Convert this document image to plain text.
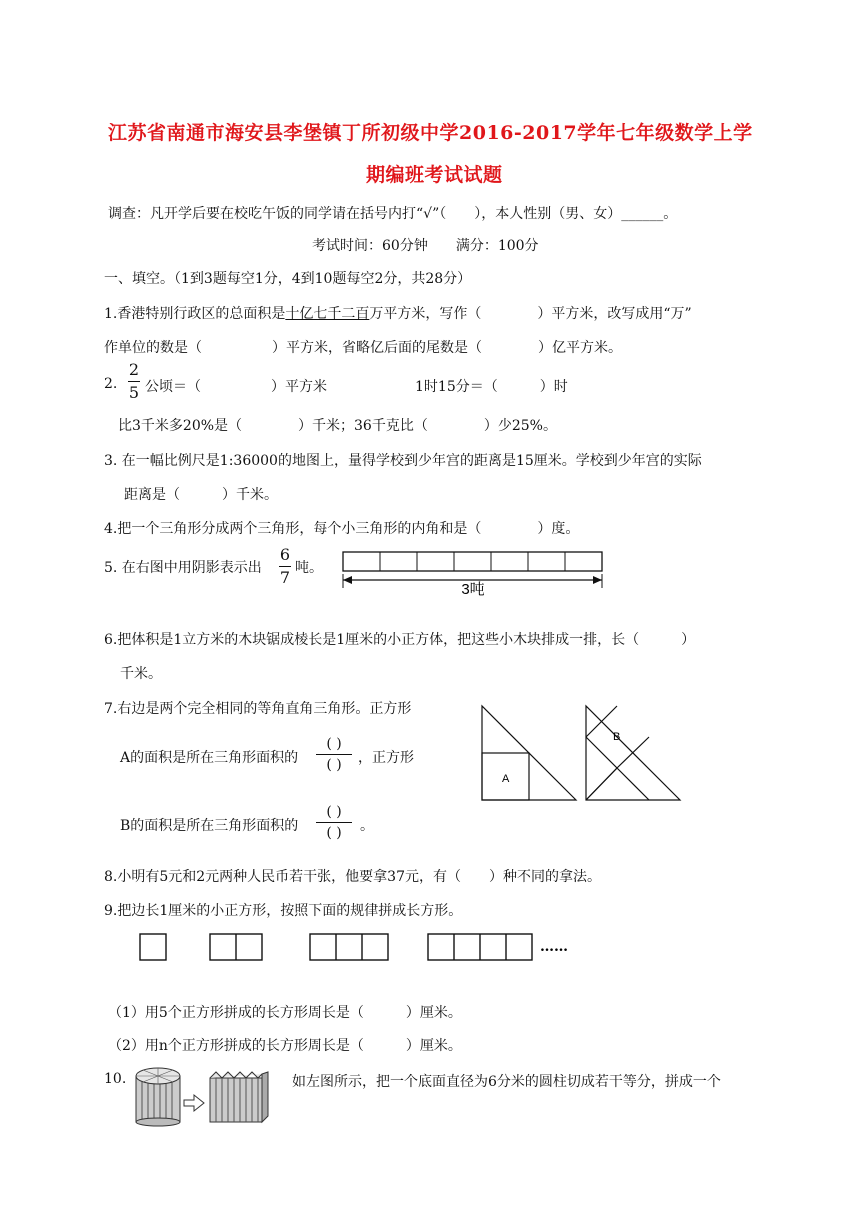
江苏省南通市海安县李堡镇丁所初级中学2016-2017学年七年级数学上学
期编班考试试题
调查：凡开学后要在校吃午饭的同学请在括号内打“√”（　　），本人性别（男、女）______。
考试时间：60分钟　　满分：100分
一、填空。（1到3题每空1分，4到10题每空2分，共28分）
1.香港特别行政区的总面积是十亿七千二百万平方米，写作（　　　　）平方米，改写成用“万”
作单位的数是（　　　　　）平方米，省略亿后面的尾数是（　　　　）亿平方米。
2.
2
5 公顷＝（　　　　　）平方米	1时15分＝（　　　）时
比3千米多20%是（　　　　）千米；36千克比（　　　　）少25%。
3. 在一幅比例尺是1:36000的地图上，量得学校到少年宫的距离是15厘米。学校到少年宫的实际
距离是（　　　）千米。
4.把一个三角形分成两个三角形，每个小三角形的内角和是（　　　　）度。
5. 在右图中用阴影表示出
6
7 吨。
3吨
6.把体积是1立方米的木块锯成棱长是1厘米的小正方体，把这些小木块排成一排，长（　　　）
千米。
7.右边是两个完全相同的等角直角三角形。正方形
A的面积是所在三角形面积的
( )
( )	，正方形
B的面积是所在三角形面积的
( )
( )	。
A
B
8.小明有5元和2元两种人民币若干张，他要拿37元，有（　　）种不同的拿法。
9.把边长1厘米的小正方形，按照下面的规律拼成长方形。
……
（1）用5个正方形拼成的长方形周长是（　　　）厘米。
（2）用n个正方形拼成的长方形周长是（　　　）厘米。
10.	如左图所示，把一个底面直径为6分米的圆柱切成若干等分，拼成一个
